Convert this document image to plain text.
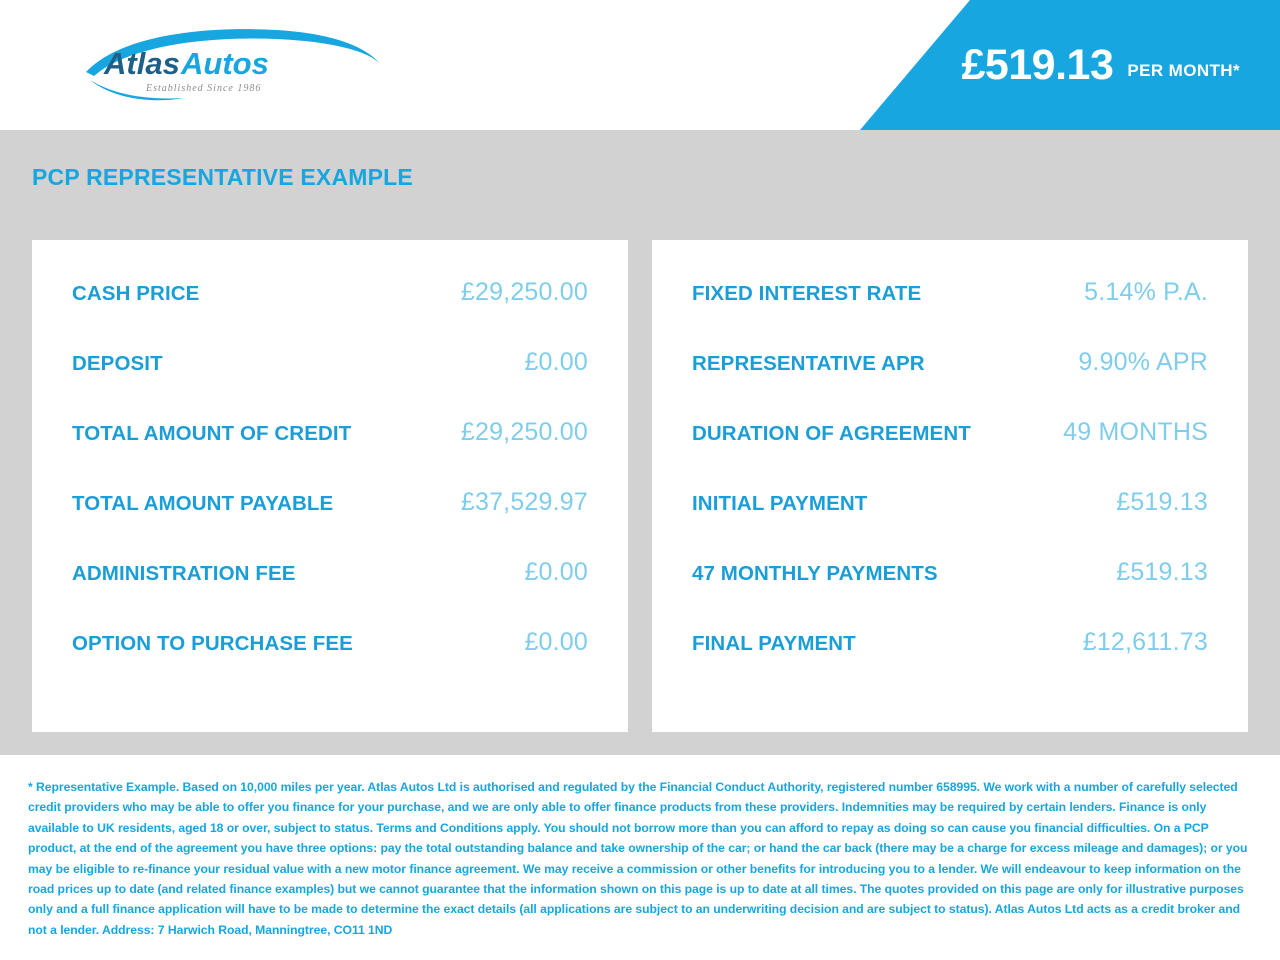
Atlas Autos
Established Since 1986	£519.13 PER MONTH*
PCP REPRESENTATIVE EXAMPLE
CASH PRICE	£29,250.00
DEPOSIT	£0.00
TOTAL AMOUNT OF CREDIT	£29,250.00
TOTAL AMOUNT PAYABLE	£37,529.97
ADMINISTRATION FEE	£0.00
OPTION TO PURCHASE FEE	£0.00
FIXED INTEREST RATE	5.14% P.A.
REPRESENTATIVE APR	9.90% APR
DURATION OF AGREEMENT	49 MONTHS
INITIAL PAYMENT	£519.13
47 MONTHLY PAYMENTS	£519.13
FINAL PAYMENT	£12,611.73

* Representative Example. Based on 10,000 miles per year. Atlas Autos Ltd is authorised and regulated by the Financial Conduct Authority, registered number 658995. We work with a number of carefully selected credit providers who may be able to offer you finance for your purchase, and we are only able to offer finance products from these providers. Indemnities may be required by certain lenders. Finance is only available to UK residents, aged 18 or over, subject to status. Terms and Conditions apply. You should not borrow more than you can afford to repay as doing so can cause you financial difficulties. On a PCP product, at the end of the agreement you have three options: pay the total outstanding balance and take ownership of the car; or hand the car back (there may be a charge for excess mileage and damages); or you may be eligible to re-finance your residual value with a new motor finance agreement. We may receive a commission or other benefits for introducing you to a lender. We will endeavour to keep information on the road prices up to date (and related finance examples) but we cannot guarantee that the information shown on this page is up to date at all times. The quotes provided on this page are only for illustrative purposes only and a full finance application will have to be made to determine the exact details (all applications are subject to an underwriting decision and are subject to status). Atlas Autos Ltd acts as a credit broker and not a lender. Address: 7 Harwich Road, Manningtree, CO11 1ND
